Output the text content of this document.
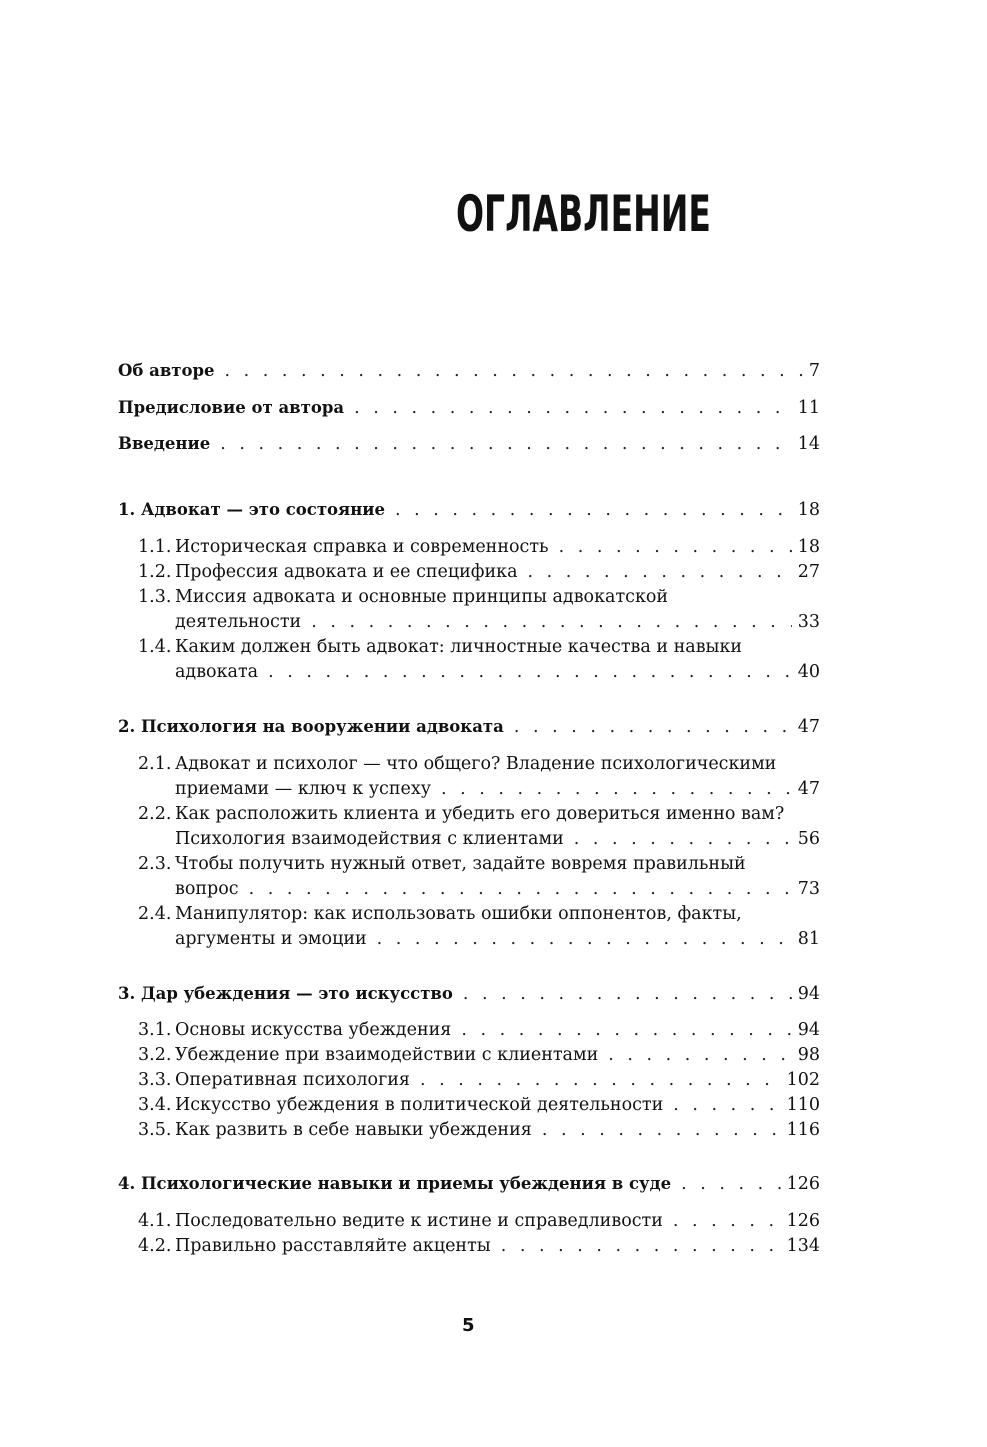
ОГЛАВЛЕНИЕ
Об авторе . . .	7
Предисловие от автора . . .	11
Введение . . .	14
1. Адвокат — это состояние . . .	18
1.1. Историческая справка и современность . . .	18
1.2. Профессия адвоката и ее специфика . . .	27
1.3. Миссия адвоката и основные принципы адвокатской
деятельности . . .	33
1.4. Каким должен быть адвокат: личностные качества и навыки
адвоката . . .	40
2. Психология на вооружении адвоката . . .	47
2.1. Адвокат и психолог — что общего? Владение психологическими
приемами — ключ к успеху . . .	47
2.2. Как расположить клиента и убедить его довериться именно вам?
Психология взаимодействия с клиентами . . .	56
2.3. Чтобы получить нужный ответ, задайте вовремя правильный
вопрос . . .	73
2.4. Манипулятор: как использовать ошибки оппонентов, факты,
аргументы и эмоции . . .	81
3. Дар убеждения — это искусство . . .	94
3.1. Основы искусства убеждения . . .	94
3.2. Убеждение при взаимодействии с клиентами . . .	98
3.3. Оперативная психология . . .	102
3.4. Искусство убеждения в политической деятельности . . .	110
3.5. Как развить в себе навыки убеждения . . .	116
4. Психологические навыки и приемы убеждения в суде . . .	126
4.1. Последовательно ведите к истине и справедливости . . .	126
4.2. Правильно расставляйте акценты . . .	134
5
